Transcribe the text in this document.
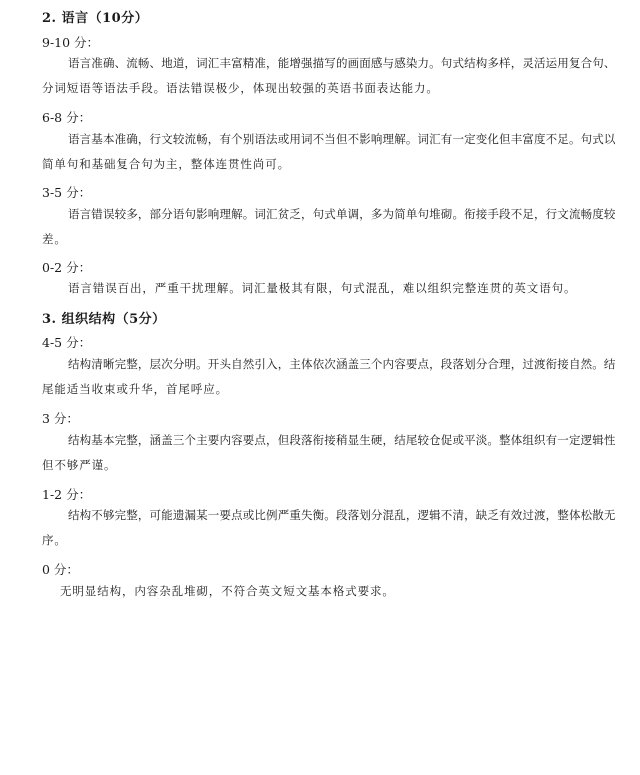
2. 语言（10分）
9-10 分：
语言准确、流畅、地道，词汇丰富精准，能增强描写的画面感与感染力。句式结构多样，灵活运用复合句、
分词短语等语法手段。语法错误极少，体现出较强的英语书面表达能力。
6-8 分：
语言基本准确，行文较流畅，有个别语法或用词不当但不影响理解。词汇有一定变化但丰富度不足。句式以
简单句和基础复合句为主，整体连贯性尚可。
3-5 分：
语言错误较多，部分语句影响理解。词汇贫乏，句式单调，多为简单句堆砌。衔接手段不足，行文流畅度较
差。
0-2 分：
语言错误百出，严重干扰理解。词汇量极其有限，句式混乱，难以组织完整连贯的英文语句。
3. 组织结构（5分）
4-5 分：
结构清晰完整，层次分明。开头自然引入，主体依次涵盖三个内容要点，段落划分合理，过渡衔接自然。结
尾能适当收束或升华，首尾呼应。
3 分：
结构基本完整，涵盖三个主要内容要点，但段落衔接稍显生硬，结尾较仓促或平淡。整体组织有一定逻辑性
但不够严谨。
1-2 分：
结构不够完整，可能遗漏某一要点或比例严重失衡。段落划分混乱，逻辑不清，缺乏有效过渡，整体松散无
序。
0 分：
无明显结构，内容杂乱堆砌，不符合英文短文基本格式要求。
